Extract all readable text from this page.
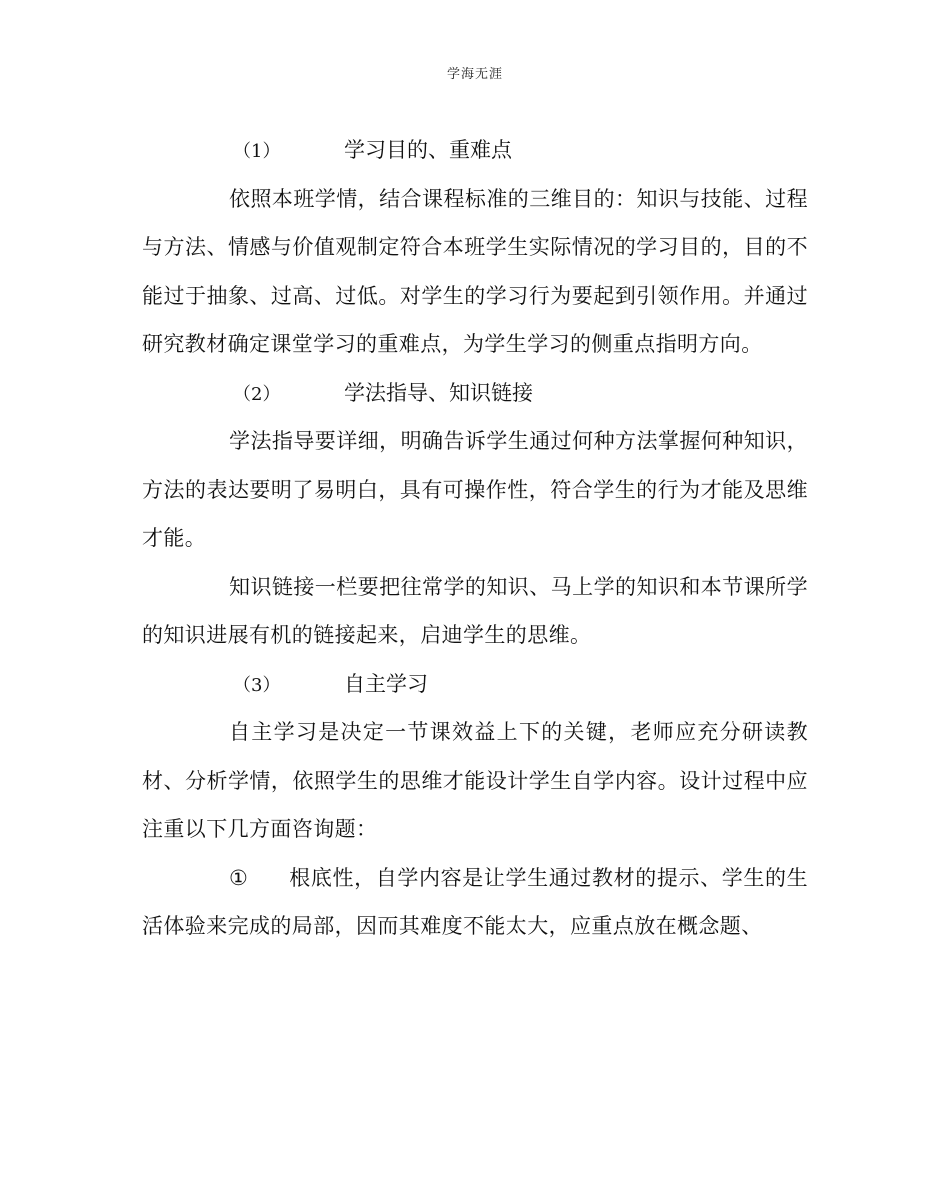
学海无涯
（1）	学习目的、重难点

依照本班学情，结合课程标准的三维目的：知识与技能、过程与方法、情感与价值观制定符合本班学生实际情况的学习目的，目的不能过于抽象、过高、过低。对学生的学习行为要起到引领作用。并通过研究教材确定课堂学习的重难点，为学生学习的侧重点指明方向。

（2）	学法指导、知识链接

学法指导要详细，明确告诉学生通过何种方法掌握何种知识，方法的表达要明了易明白，具有可操作性，符合学生的行为才能及思维才能。

知识链接一栏要把往常学的知识、马上学的知识和本节课所学的知识进展有机的链接起来，启迪学生的思维。

（3）	自主学习

自主学习是决定一节课效益上下的关键，老师应充分研读教材、分析学情，依照学生的思维才能设计学生自学内容。设计过程中应注重以下几方面咨询题：

① 根底性，自学内容是让学生通过教材的提示、学生的生活体验来完成的局部，因而其难度不能太大，应重点放在概念题、
